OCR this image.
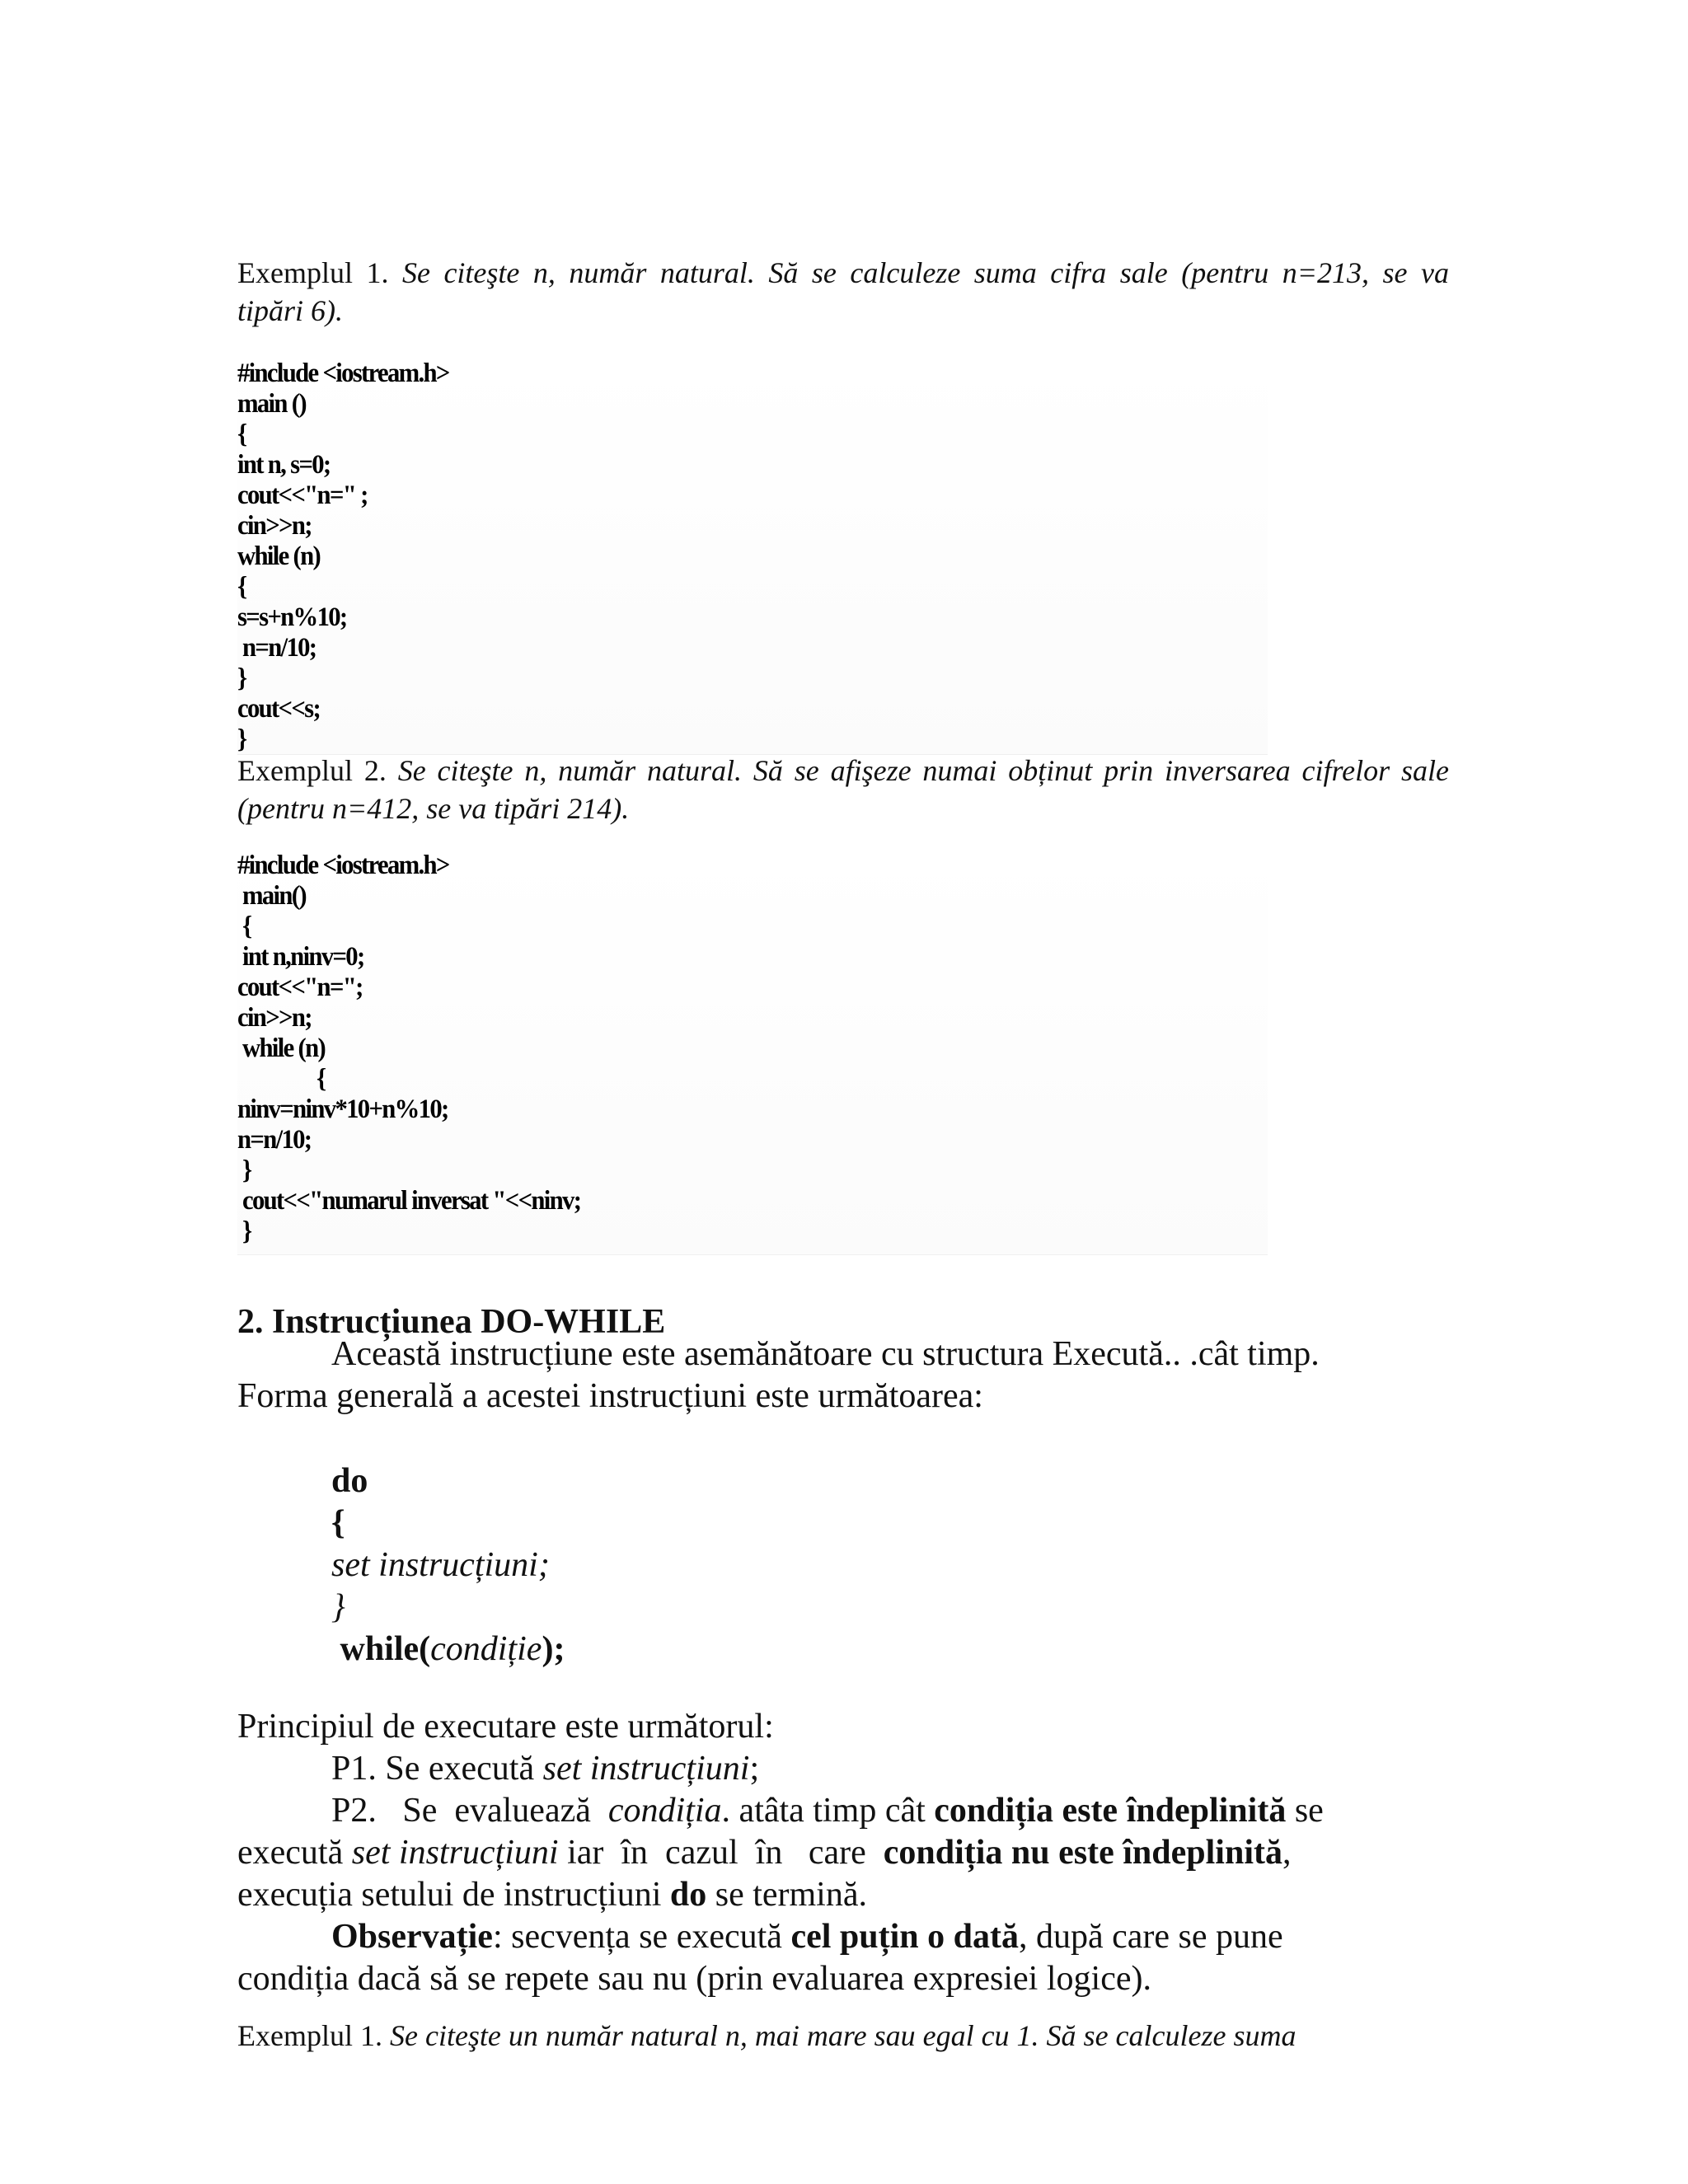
Exemplul 1. Se citeşte n, număr natural. Să se calculeze suma cifra sale (pentru n=213, se va
tipări 6).
#include <iostream.h>
main ()
{
int n, s=0;
cout<<"n=" ;
cin>>n;
while (n)
{
s=s+n%10;
n=n/10;
}
cout<<s;
}
Exemplul 2. Se citeşte n, număr natural. Să se afişeze numai obținut prin inversarea cifrelor sale
(pentru n=412, se va tipări 214).
#include <iostream.h>
main()
{
int n,ninv=0;
cout<<"n=";
cin>>n;
while (n)
{
ninv=ninv*10+n%10;
n=n/10;
}
cout<<"numarul inversat "<<ninv;
}
2. Instrucțiunea DO-WHILE
Această instrucțiune este asemănătoare cu structura Execută.. .cât timp.
Forma generală a acestei instrucțiuni este următoarea:
do
{
set instrucțiuni;
}
while(condiție);
Principiul de executare este următorul:
P1. Se execută set instrucțiuni;
P2.   Se  evaluează  condiția. atâta timp cât condiția este îndeplinită se
execută set instrucțiuni iar  în  cazul  în   care  condiția nu este îndeplinită,
execuția setului de instrucțiuni do se termină.
Observație: secvența se execută cel puțin o dată, după care se pune
condiția dacă să se repete sau nu (prin evaluarea expresiei logice).
Exemplul 1. Se citeşte un număr natural n, mai mare sau egal cu 1. Să se calculeze suma
